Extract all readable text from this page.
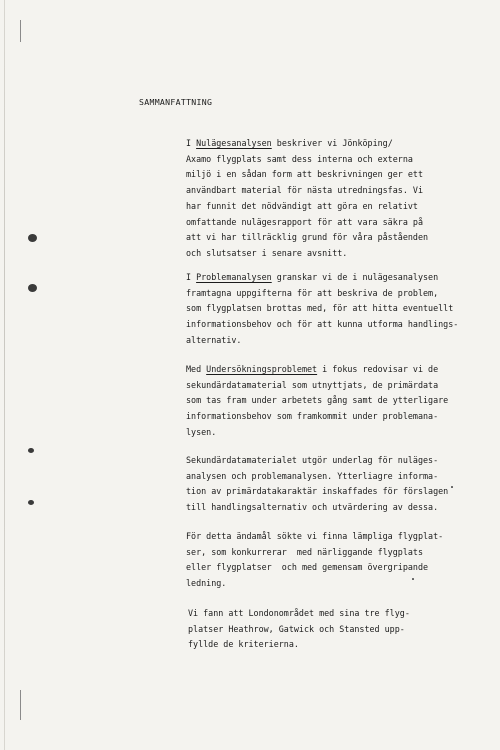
SAMMANFATTNING

I Nulägesanalysen beskriver vi Jönköping/
Axamo flygplats samt dess interna och externa
miljö i en sådan form att beskrivningen ger ett
användbart material för nästa utredningsfas. Vi
har funnit det nödvändigt att göra en relativt
omfattande nulägesrapport för att vara säkra på
att vi har tillräcklig grund för våra påståenden
och slutsatser i senare avsnitt.

I Problemanalysen granskar vi de i nulägesanalysen
framtagna uppgifterna för att beskriva de problem,
som flygplatsen brottas med, för att hitta eventuellt
informationsbehov och för att kunna utforma handlings-
alternativ.

Med Undersökningsproblemet i fokus redovisar vi de
sekundärdatamaterial som utnyttjats, de primärdata
som tas fram under arbetets gång samt de ytterligare
informationsbehov som framkommit under problemana-
lysen.

Sekundärdatamaterialet utgör underlag för nuläges-
analysen och problemanalysen. Ytterliagre informa-
tion av primärdatakaraktär inskaffades för förslagen
till handlingsalternativ och utvärdering av dessa.

För detta ändamål sökte vi finna lämpliga flygplat-
ser, som konkurrerar  med närliggande flygplats
eller flygplatser  och med gemensam övergripande
ledning.

Vi fann att Londonområdet med sina tre flyg-
platser Heathrow, Gatwick och Stansted upp-
fyllde de kriterierna.
